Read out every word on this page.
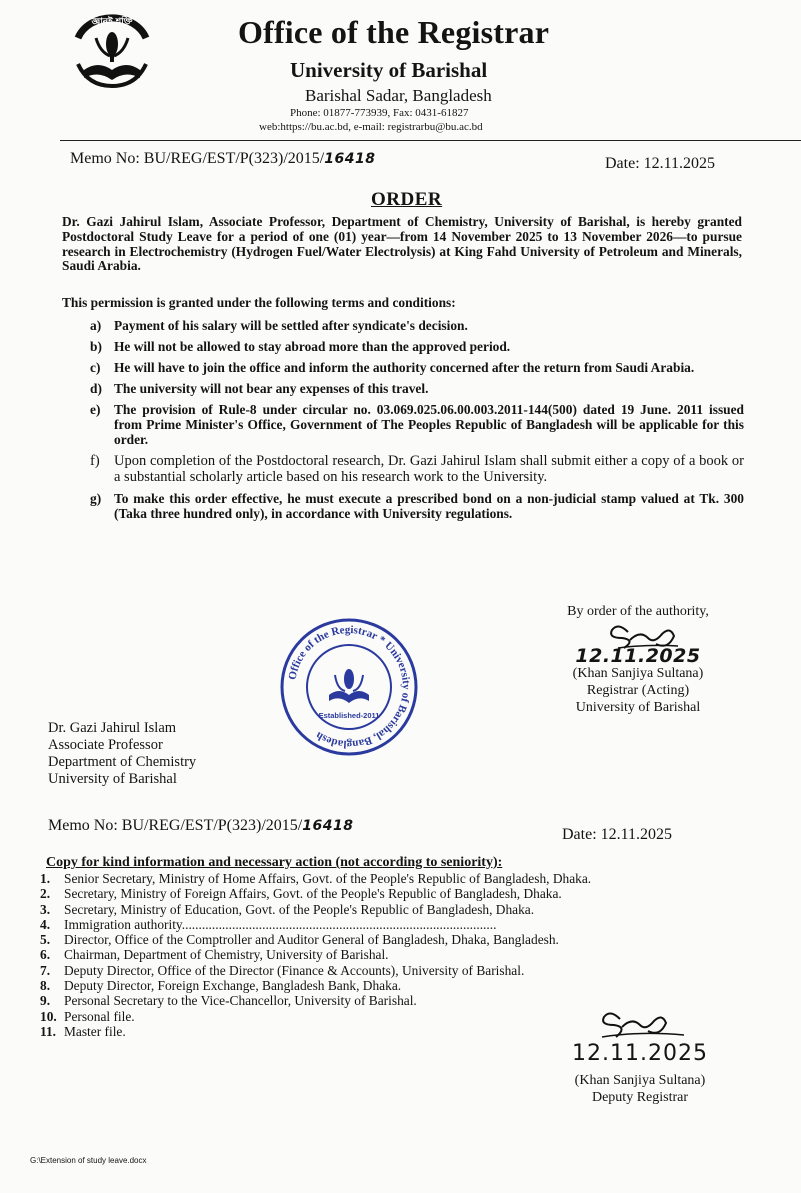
জ্ঞানই শক্তি	Office of the Registrar
University of Barishal
Barishal Sadar, Bangladesh
Phone: 01877-773939, Fax: 0431-61827
web:https://bu.ac.bd, e-mail: registrarbu@bu.ac.bd
Memo No: BU/REG/EST/P(323)/2015/16418	Date: 12.11.2025
ORDER
Dr. Gazi Jahirul Islam, Associate Professor, Department of Chemistry, University of Barishal, is hereby granted Postdoctoral Study Leave for a period of one (01) year—from 14 November 2025 to 13 November 2026—to pursue research in Electrochemistry (Hydrogen Fuel/Water Electrolysis) at King Fahd University of Petroleum and Minerals, Saudi Arabia.
This permission is granted under the following terms and conditions:
a) Payment of his salary will be settled after syndicate's decision.
b) He will not be allowed to stay abroad more than the approved period.
c) He will have to join the office and inform the authority concerned after the return from Saudi Arabia.
d) The university will not bear any expenses of this travel.
e) The provision of Rule-8 under circular no. 03.069.025.06.00.003.2011-144(500) dated 19 June. 2011 issued from Prime Minister's Office, Government of The Peoples Republic of Bangladesh will be applicable for this order.
f) Upon completion of the Postdoctoral research, Dr. Gazi Jahirul Islam shall submit either a copy of a book or a substantial scholarly article based on his research work to the University.
g) To make this order effective, he must execute a prescribed bond on a non-judicial stamp valued at Tk. 300 (Taka three hundred only), in accordance with University regulations.
By order of the authority,
12.11.2025
(Khan Sanjiya Sultana)
Registrar (Acting)
University of Barishal
Office of the Registrar * University of Barishal, Bangladesh
Established-2011
Dr. Gazi Jahirul Islam
Associate Professor
Department of Chemistry
University of Barishal
Memo No: BU/REG/EST/P(323)/2015/16418	Date: 12.11.2025
Copy for kind information and necessary action (not according to seniority):
1. Senior Secretary, Ministry of Home Affairs, Govt. of the People's Republic of Bangladesh, Dhaka.
2. Secretary, Ministry of Foreign Affairs, Govt. of the People's Republic of Bangladesh, Dhaka.
3. Secretary, Ministry of Education, Govt. of the People's Republic of Bangladesh, Dhaka.
4. Immigration authority..............................................................................................
5. Director, Office of the Comptroller and Auditor General of Bangladesh, Dhaka, Bangladesh.
6. Chairman, Department of Chemistry, University of Barishal.
7. Deputy Director, Office of the Director (Finance & Accounts), University of Barishal.
8. Deputy Director, Foreign Exchange, Bangladesh Bank, Dhaka.
9. Personal Secretary to the Vice-Chancellor, University of Barishal.
10. Personal file.
11. Master file.
12.11.2025
(Khan Sanjiya Sultana)
Deputy Registrar
G:\Extension of study leave.docx
